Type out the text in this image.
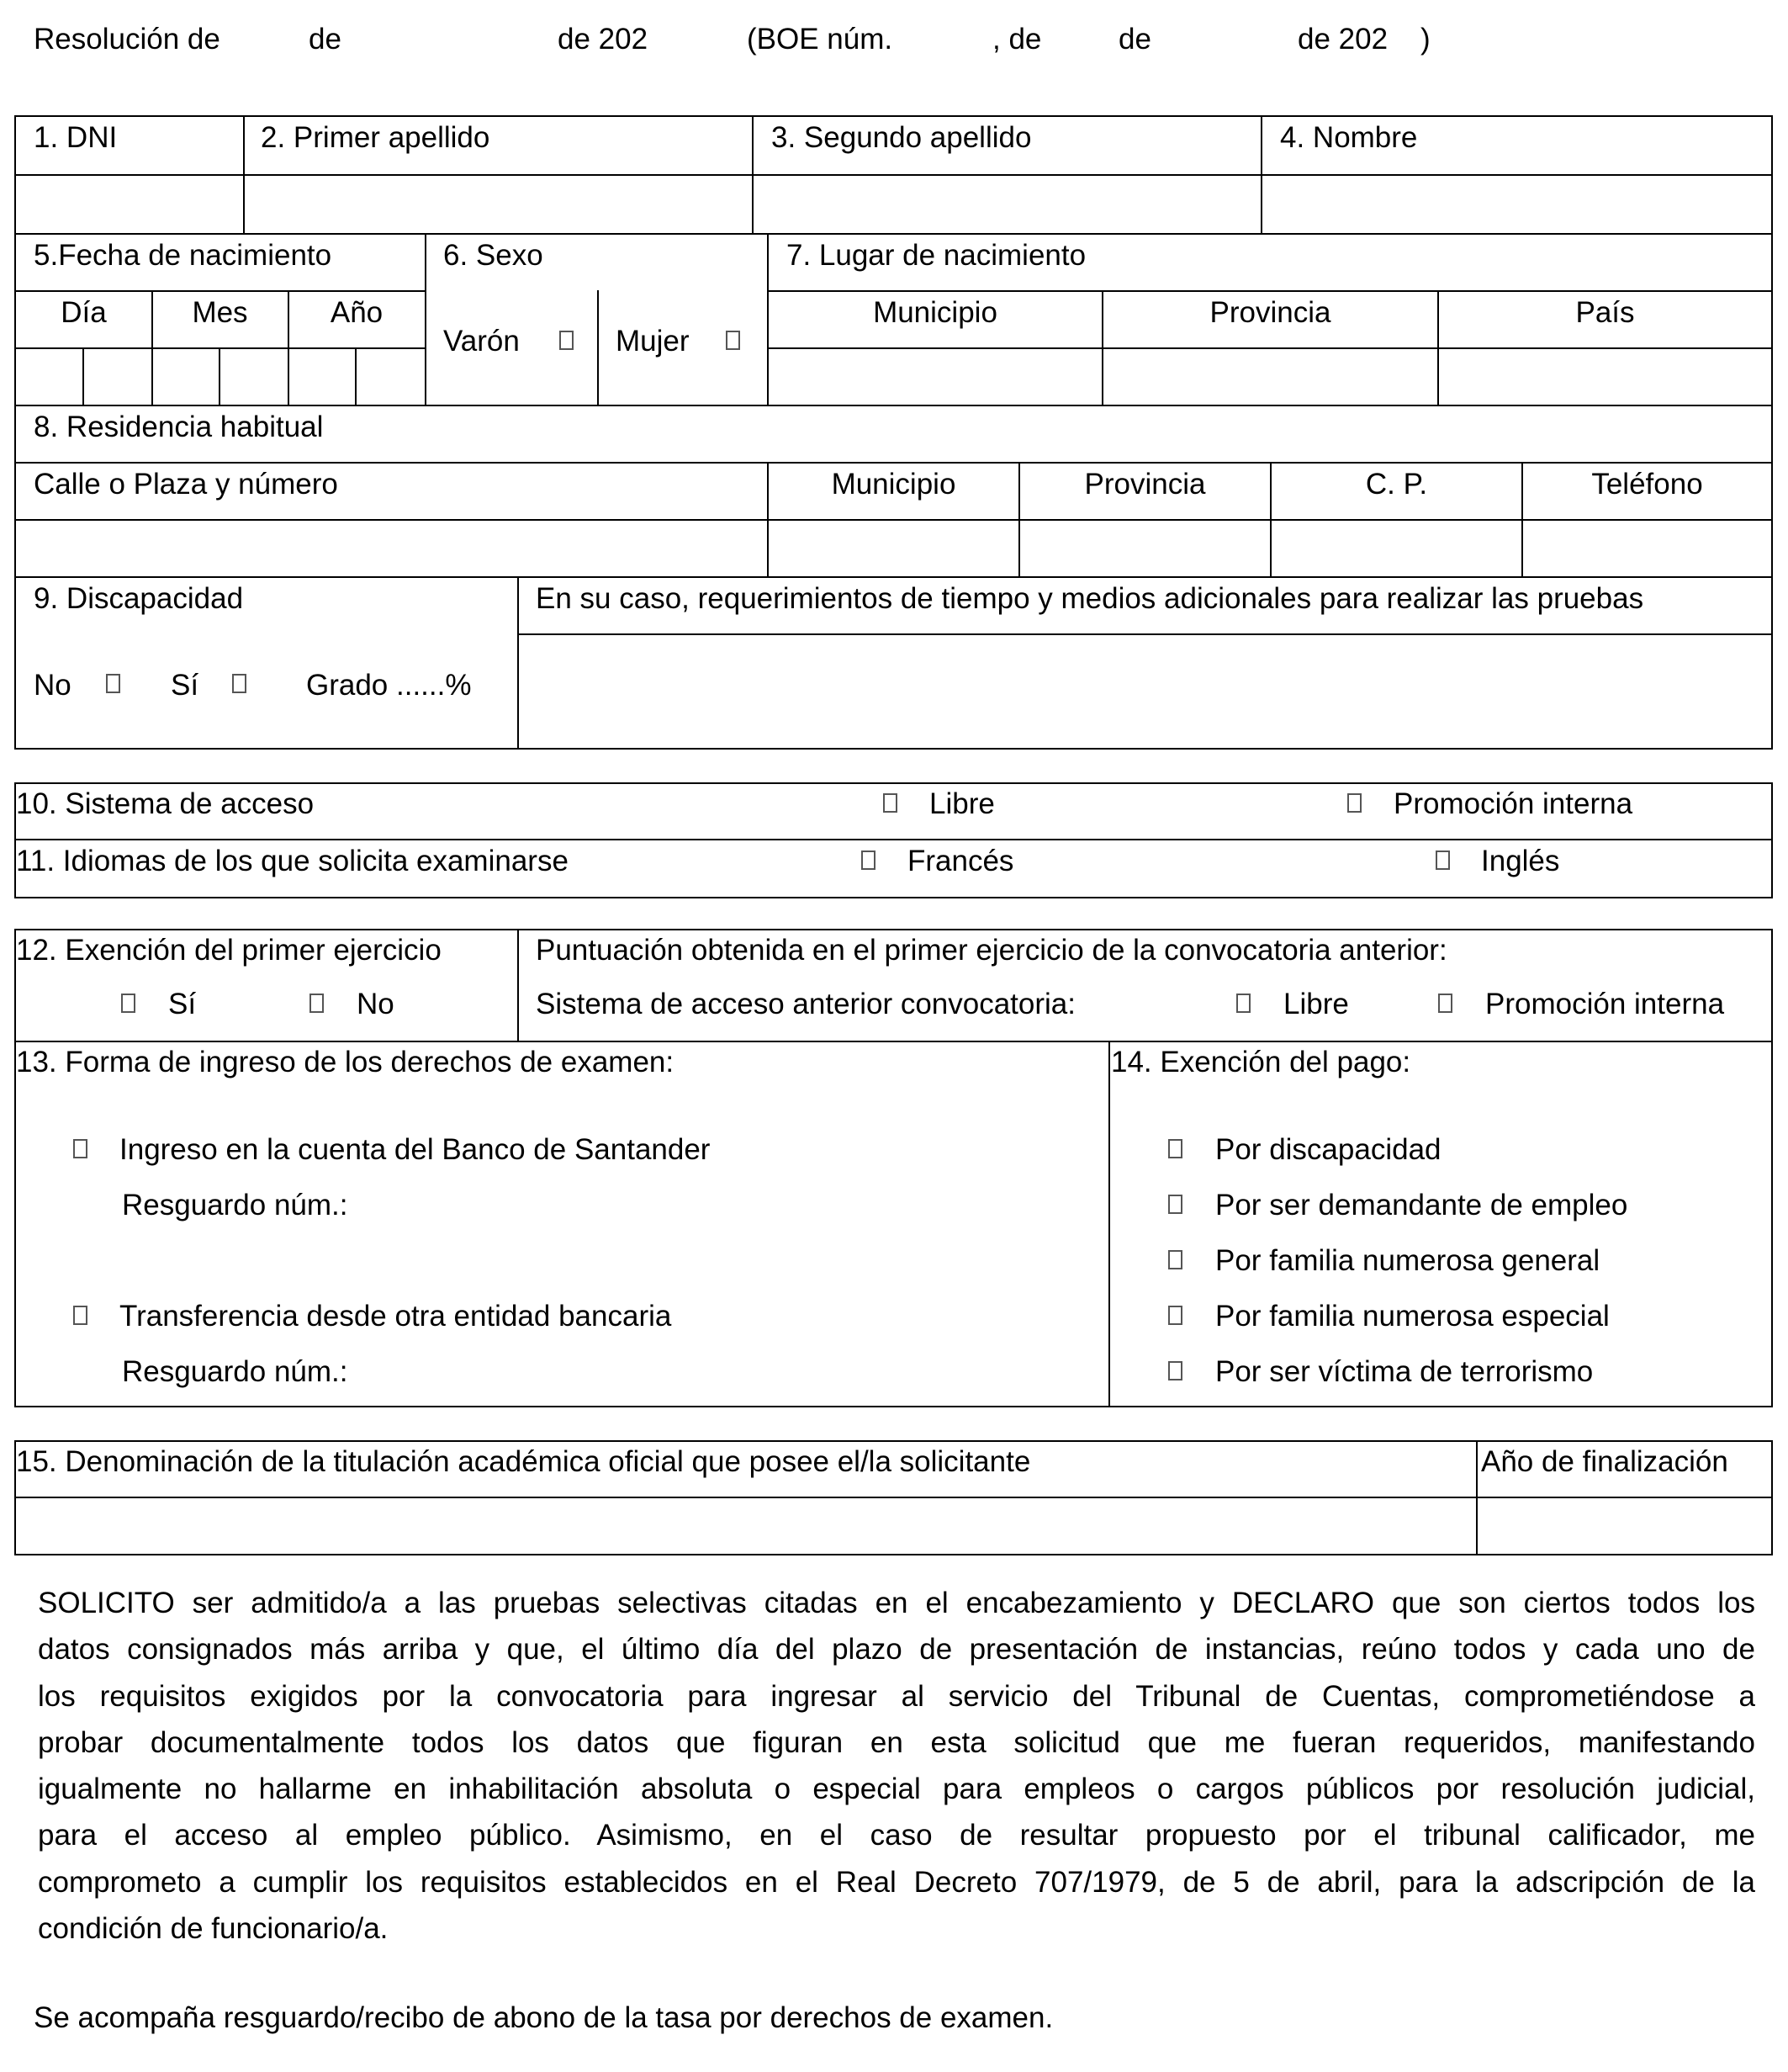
Resolución de	de	de 202	(BOE núm.	, de	de	de 202 )
1. DNI	2. Primer apellido	3. Segundo apellido	4. Nombre
5.Fecha de nacimiento	6. Sexo	7. Lugar de nacimiento
Día	Mes	Año
Varón	Mujer
Municipio	Provincia	País
8. Residencia habitual
Calle o Plaza y número	Municipio	Provincia	C. P.	Teléfono
9. Discapacidad	En su caso, requerimientos de tiempo y medios adicionales para realizar las pruebas
No	Sí	Grado ......%
10. Sistema de acceso	Libre	Promoción interna
11. Idiomas de los que solicita examinarse	Francés	Inglés
12. Exención del primer ejercicio
Sí	No
Puntuación obtenida en el primer ejercicio de la convocatoria anterior:
Sistema de acceso anterior convocatoria:	Libre	Promoción interna
13. Forma de ingreso de los derechos de examen:
Ingreso en la cuenta del Banco de Santander
Resguardo núm.:
Transferencia desde otra entidad bancaria
Resguardo núm.:
14. Exención del pago:
Por discapacidad
Por ser demandante de empleo
Por familia numerosa general
Por familia numerosa especial
Por ser víctima de terrorismo
15. Denominación de la titulación académica oficial que posee el/la solicitante	Año de finalización
SOLICITO ser admitido/a a las pruebas selectivas citadas en el encabezamiento y DECLARO que son ciertos todos los
datos consignados más arriba y que, el último día del plazo de presentación de instancias, reúno todos y cada uno de
los requisitos exigidos por la convocatoria para ingresar al servicio del Tribunal de Cuentas, comprometiéndose a
probar documentalmente todos los datos que figuran en esta solicitud que me fueran requeridos, manifestando
igualmente no hallarme en inhabilitación absoluta o especial para empleos o cargos públicos por resolución judicial,
para el acceso al empleo público. Asimismo, en el caso de resultar propuesto por el tribunal calificador, me
comprometo a cumplir los requisitos establecidos en el Real Decreto 707/1979, de 5 de abril, para la adscripción de la
condición de funcionario/a.
Se acompaña resguardo/recibo de abono de la tasa por derechos de examen.
